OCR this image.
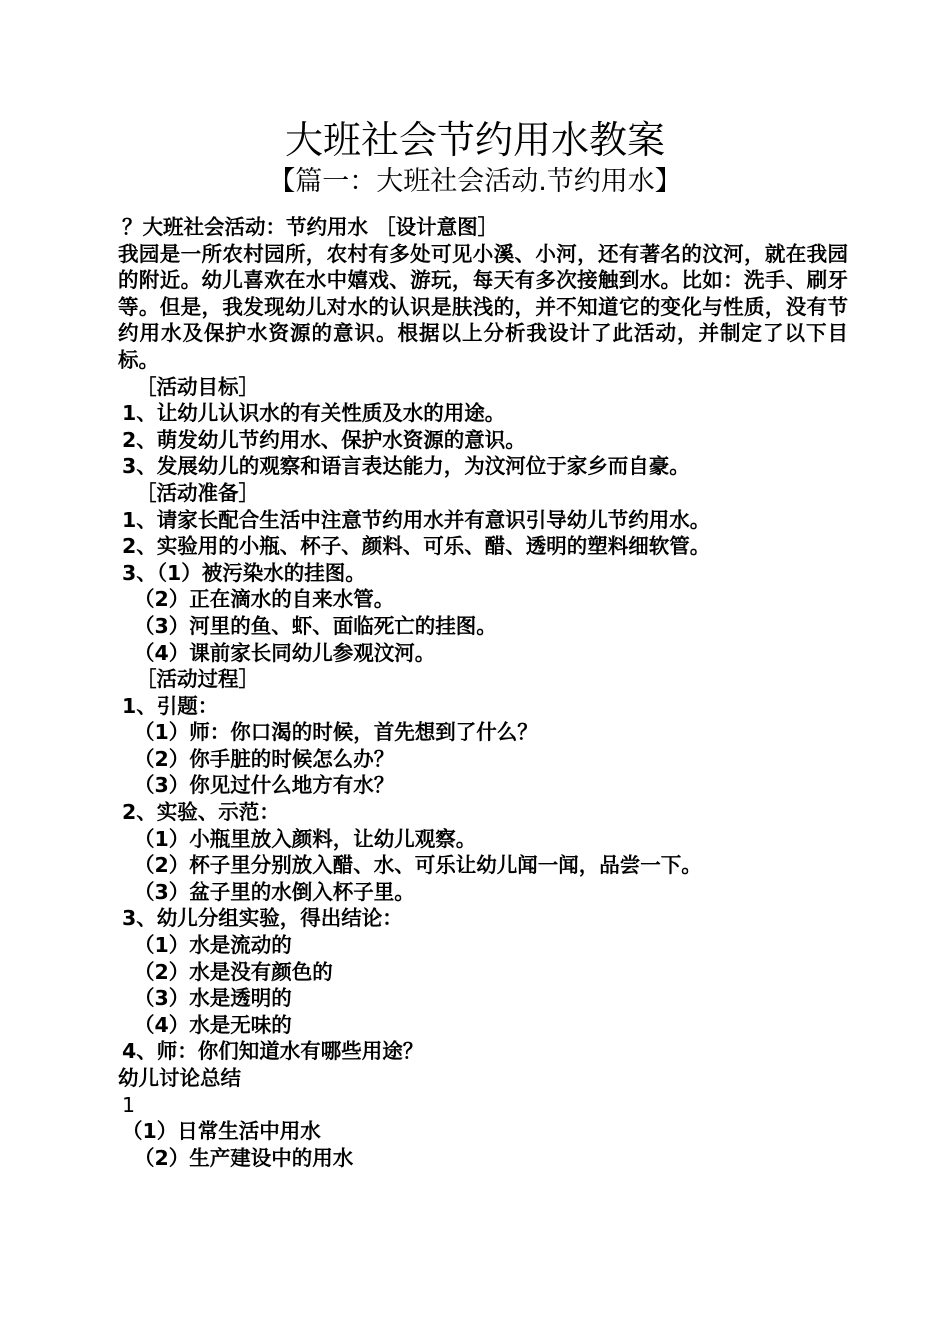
大班社会节约用水教案
【篇一：大班社会活动.节约用水】
？大班社会活动：节约用水 ［设计意图］
我园是一所农村园所，农村有多处可见小溪、小河，还有著名的汶河，就在我园的附近。幼儿喜欢在水中嬉戏、游玩，每天有多次接触到水。比如：洗手、刷牙等。但是，我发现幼儿对水的认识是肤浅的，并不知道它的变化与性质，没有节约用水及保护水资源的意识。根据以上分析我设计了此活动，并制定了以下目标。
［活动目标］
1、让幼儿认识水的有关性质及水的用途。
2、萌发幼儿节约用水、保护水资源的意识。
3、发展幼儿的观察和语言表达能力，为汶河位于家乡而自豪。
［活动准备］
1、请家长配合生活中注意节约用水并有意识引导幼儿节约用水。
2、实验用的小瓶、杯子、颜料、可乐、醋、透明的塑料细软管。
3、（1）被污染水的挂图。
（2）正在滴水的自来水管。
（3）河里的鱼、虾、面临死亡的挂图。
（4）课前家长同幼儿参观汶河。
［活动过程］
1、引题：
（1）师：你口渴的时候，首先想到了什么？
（2）你手脏的时候怎么办？
（3）你见过什么地方有水？
2、实验、示范：
（1）小瓶里放入颜料，让幼儿观察。
（2）杯子里分别放入醋、水、可乐让幼儿闻一闻，品尝一下。
（3）盆子里的水倒入杯子里。
3、幼儿分组实验，得出结论：
（1）水是流动的
（2）水是没有颜色的
（3）水是透明的
（4）水是无味的
4、师：你们知道水有哪些用途？
幼儿讨论总结
1
（1）日常生活中用水
（2）生产建设中的用水
